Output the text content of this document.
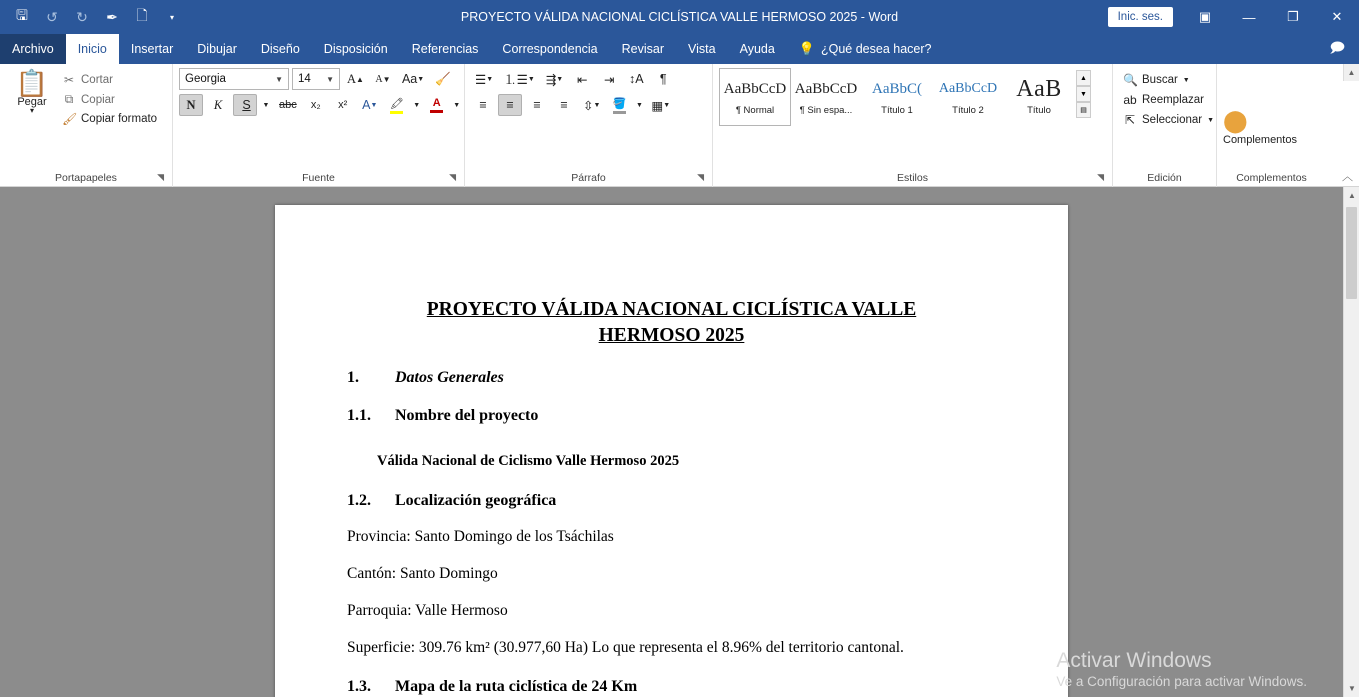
🖫	↺	↻	✒	🗋	▾	PROYECTO VÁLIDA NACIONAL CICLÍSTICA VALLE HERMOSO 2025 - Word	Inic. ses.	▣	—	❐	✕
Archivo	Inicio	Insertar	Dibujar	Diseño	Disposición	Referencias	Correspondencia	Revisar	Vista	Ayuda	💡 ¿Qué desea hacer?	🗩
📋
Pegar
▾
✂ Cortar
⧉ Copiar
🖌 Copiar formato
Portapapeles	◥
Georgia	▼ 14	▼	A ▲	A ▼ Aa ▼ 🧹
N	K	S	▼ abc	x₂	x²	A ▼ 🖍 ▼ A ▼
Fuente	◥
☰ ▼ ⒈☰ ▼ ⇶ ▼	⇤	⇥	↕A	¶
≡	≡	≡	≡	⇳ ▼ 🪣 ▼ ▦ ▼
Párrafo	◥
AaBbCcD
¶ Normal
AaBbCcD
¶ Sin espa...
AaBbC(
Título 1
AaBbCcD
Título 2
AaB
Título
▲
▼
▤
Estilos	◥
🔍 Buscar ▼
ab Reemplazar
⇱ Seleccionar ▼
Edición
⬤
Complementos
Complementos
▲
︿
PROYECTO VÁLIDA NACIONAL CICLÍSTICA VALLE
HERMOSO 2025
1.	Datos Generales
1.1.	Nombre del proyecto
Válida Nacional de Ciclismo Valle Hermoso 2025
1.2.	Localización geográfica
Provincia: Santo Domingo de los Tsáchilas
Cantón: Santo Domingo
Parroquia: Valle Hermoso
Superficie: 309.76 km² (30.977,60 Ha) Lo que representa el 8.96% del territorio cantonal.
1.3.	Mapa de la ruta ciclística de 24 Km
▲
▼
Activar Windows
Ve a Configuración para activar Windows.
